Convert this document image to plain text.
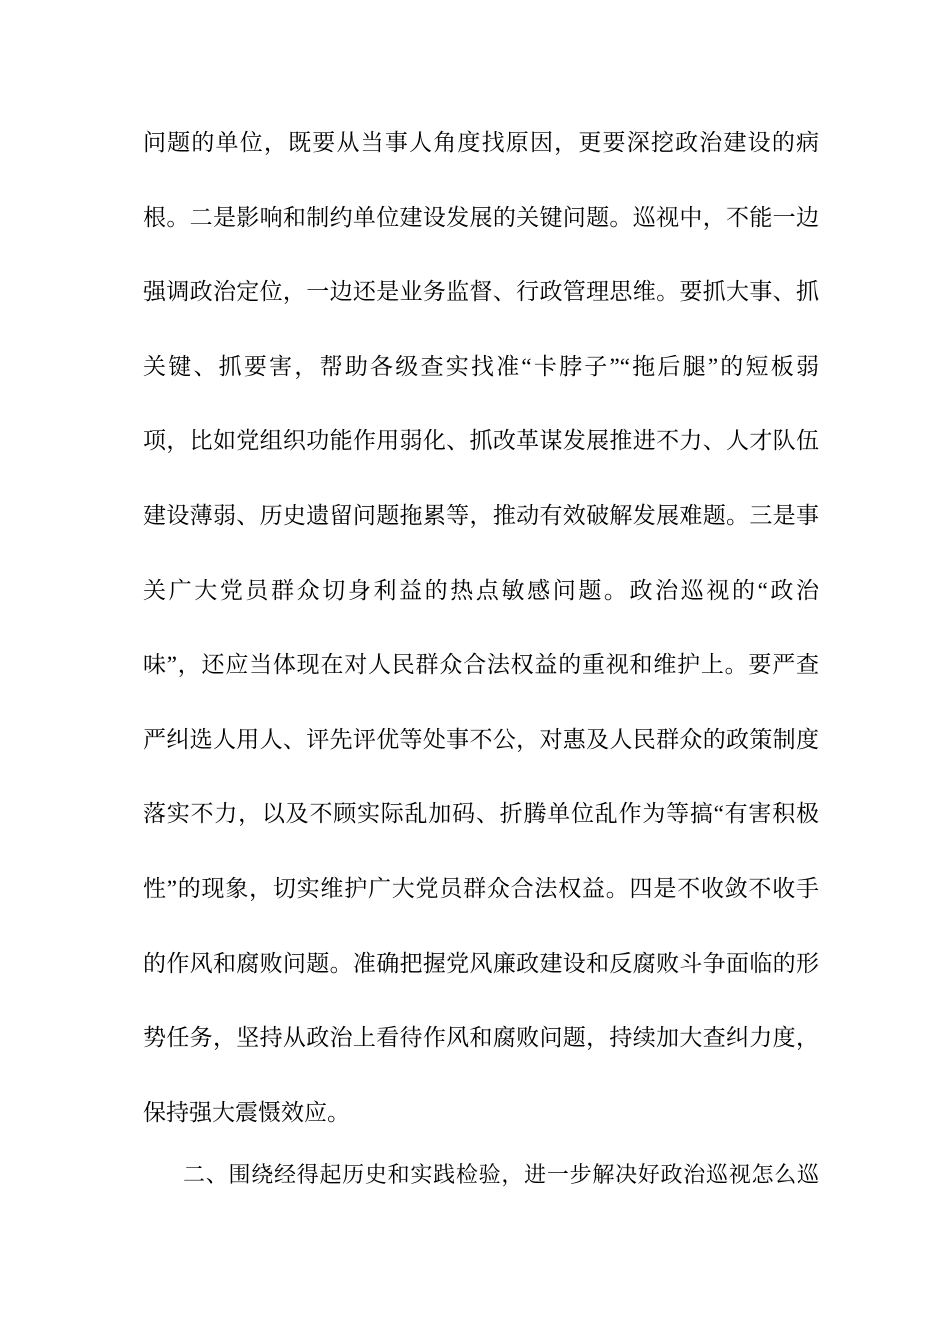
问题的单位，既要从当事人角度找原因，更要深挖政治建设的病
根。二是影响和制约单位建设发展的关键问题。巡视中，不能一边
强调政治定位，一边还是业务监督、行政管理思维。要抓大事、抓
关键、抓要害，帮助各级查实找准“卡脖子”“拖后腿”的短板弱
项，比如党组织功能作用弱化、抓改革谋发展推进不力、人才队伍
建设薄弱、历史遗留问题拖累等，推动有效破解发展难题。三是事
关广大党员群众切身利益的热点敏感问题。政治巡视的“政治
味”，还应当体现在对人民群众合法权益的重视和维护上。要严查
严纠选人用人、评先评优等处事不公，对惠及人民群众的政策制度
落实不力，以及不顾实际乱加码、折腾单位乱作为等搞“有害积极
性”的现象，切实维护广大党员群众合法权益。四是不收敛不收手
的作风和腐败问题。准确把握党风廉政建设和反腐败斗争面临的形
势任务，坚持从政治上看待作风和腐败问题，持续加大查纠力度，
保持强大震慑效应。
二、围绕经得起历史和实践检验，进一步解决好政治巡视怎么巡
